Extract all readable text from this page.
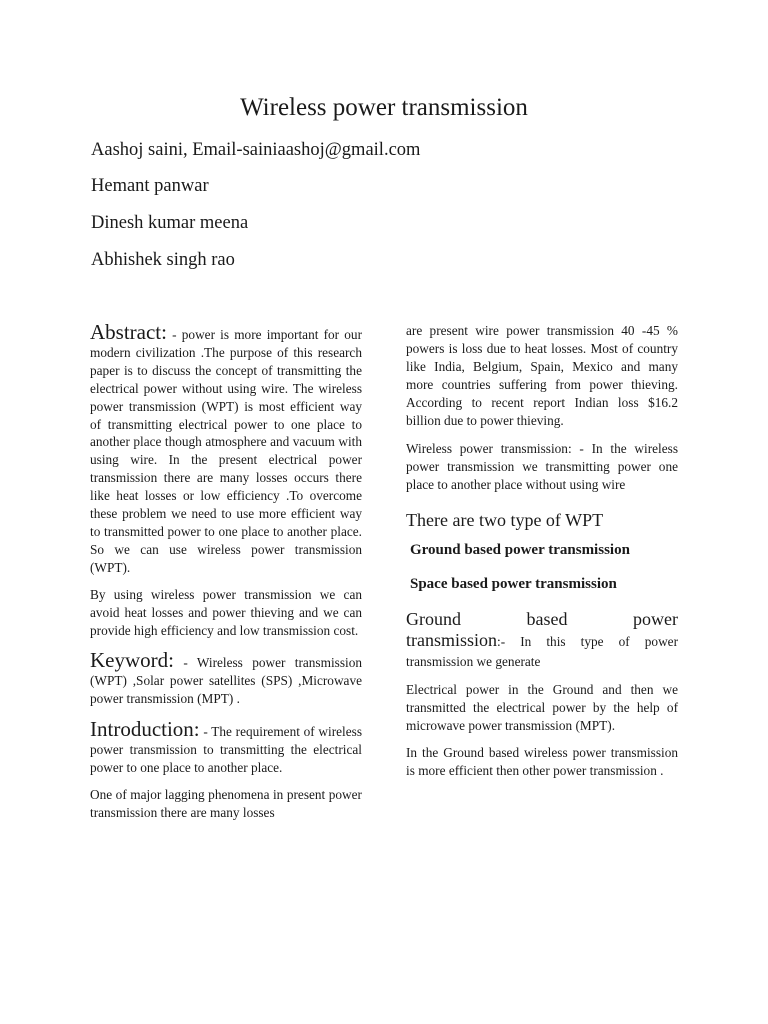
Wireless power transmission
Aashoj saini, Email-sainiaashoj@gmail.com
Hemant panwar
Dinesh kumar meena
Abhishek singh rao

Abstract: - power is more important for our modern civilization .The purpose of this research paper is to discuss the concept of transmitting the electrical power without using wire. The wireless power transmission (WPT) is most efficient way of transmitting electrical power to one place to another place though atmosphere and vacuum with using wire. In the present electrical power transmission there are many losses occurs there like heat losses or low efficiency .To overcome these problem we need to use more efficient way to transmitted power to one place to another place. So we can use wireless power transmission (WPT).

By using wireless power transmission we can avoid heat losses and power thieving and we can provide high efficiency and low transmission cost.

Keyword: - Wireless power transmission (WPT) ,Solar power satellites (SPS) ,Microwave power transmission (MPT) .

Introduction: - The requirement of wireless power transmission to transmitting the electrical power to one place to another place.

One of major lagging phenomena in present power transmission there are many losses

are present wire power transmission 40 -45 % powers is loss due to heat losses. Most of country like India, Belgium, Spain, Mexico and many more countries suffering from power thieving. According to recent report Indian loss $16.2 billion due to power thieving.

Wireless power transmission: - In the wireless power transmission we transmitting power one place to another place without using wire

There are two type of WPT
Ground based power transmission
Space based power transmission
Ground	based	power

transmission:- In this type of power transmission we generate

Electrical power in the Ground and then we transmitted the electrical power by the help of microwave power transmission (MPT).

In the Ground based wireless power transmission is more efficient then other power transmission .
